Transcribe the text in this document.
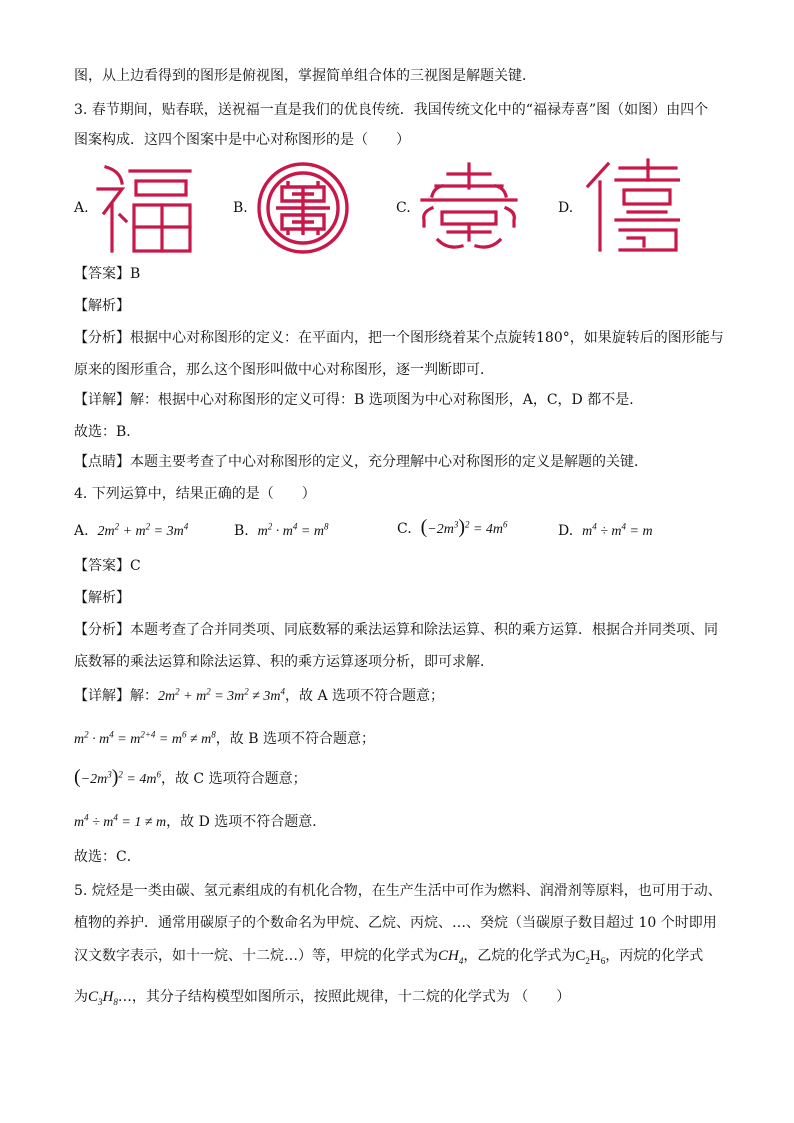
图，从上边看得到的图形是俯视图，掌握简单组合体的三视图是解题关键．
3. 春节期间，贴春联，送祝福一直是我们的优良传统．我国传统文化中的“福禄寿喜”图（如图）由四个
图案构成．这四个图案中是中心对称图形的是（　　）
A.	B.	C.	D.
【答案】B
【解析】
【分析】根据中心对称图形的定义：在平面内，把一个图形绕着某个点旋转180°，如果旋转后的图形能与
原来的图形重合，那么这个图形叫做中心对称图形，逐一判断即可．
【详解】解：根据中心对称图形的定义可得：B 选项图为中心对称图形，A，C，D 都不是．
故选：B．
【点睛】本题主要考查了中心对称图形的定义，充分理解中心对称图形的定义是解题的关键．
4. 下列运算中，结果正确的是（　　）
A. $2m^2 + m^2 = 3m^4$	B. $m^2 \cdot m^4 = m^8$	C. $(-2m^3)^2 = 4m^6$	D. $m^4 \div m^4 = m$
【答案】C
【解析】
【分析】本题考查了合并同类项、同底数幂的乘法运算和除法运算、积的乘方运算．根据合并同类项、同
底数幂的乘法运算和除法运算、积的乘方运算逐项分析，即可求解．
【详解】解：$2m^2 + m^2 = 3m^2 \ne 3m^4$，故 A 选项不符合题意；
$m^2 \cdot m^4 = m^{2+4} = m^6 \ne m^8$，故 B 选项不符合题意；
$(-2m^3)^2 = 4m^6$，故 C 选项符合题意；
$m^4 \div m^4 = 1 \ne m$，故 D 选项不符合题意．
故选：C．
5. 烷烃是一类由碳、氢元素组成的有机化合物，在生产生活中可作为燃料、润滑剂等原料，也可用于动、
植物的养护．通常用碳原子的个数命名为甲烷、乙烷、丙烷、…、癸烷（当碳原子数目超过 10 个时即用
汉文数字表示，如十一烷、十二烷…）等，甲烷的化学式为$CH_4$，乙烷的化学式为$C_2H_6$，丙烷的化学式
为$C_3H_8\dots$，其分子结构模型如图所示，按照此规律，十二烷的化学式为 （　　）
